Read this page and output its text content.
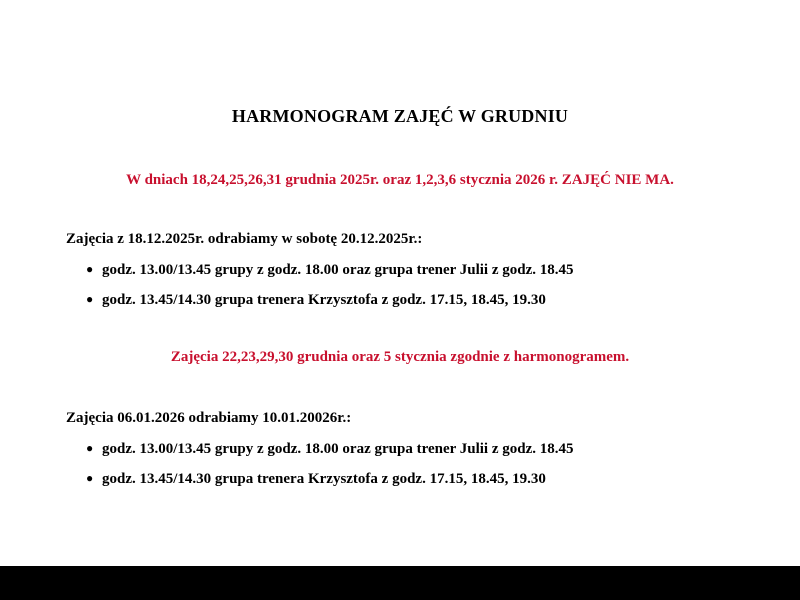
HARMONOGRAM ZAJĘĆ W GRUDNIU
W dniach 18,24,25,26,31 grudnia 2025r. oraz 1,2,3,6 stycznia 2026 r. ZAJĘĆ NIE MA.
Zajęcia z 18.12.2025r. odrabiamy w sobotę 20.12.2025r.:
● godz. 13.00/13.45 grupy z godz. 18.00 oraz grupa trener Julii z godz. 18.45
● godz. 13.45/14.30 grupa trenera Krzysztofa z godz. 17.15, 18.45, 19.30
Zajęcia 22,23,29,30 grudnia oraz 5 stycznia zgodnie z harmonogramem.
Zajęcia 06.01.2026 odrabiamy 10.01.20026r.:
● godz. 13.00/13.45 grupy z godz. 18.00 oraz grupa trener Julii z godz. 18.45
● godz. 13.45/14.30 grupa trenera Krzysztofa z godz. 17.15, 18.45, 19.30
